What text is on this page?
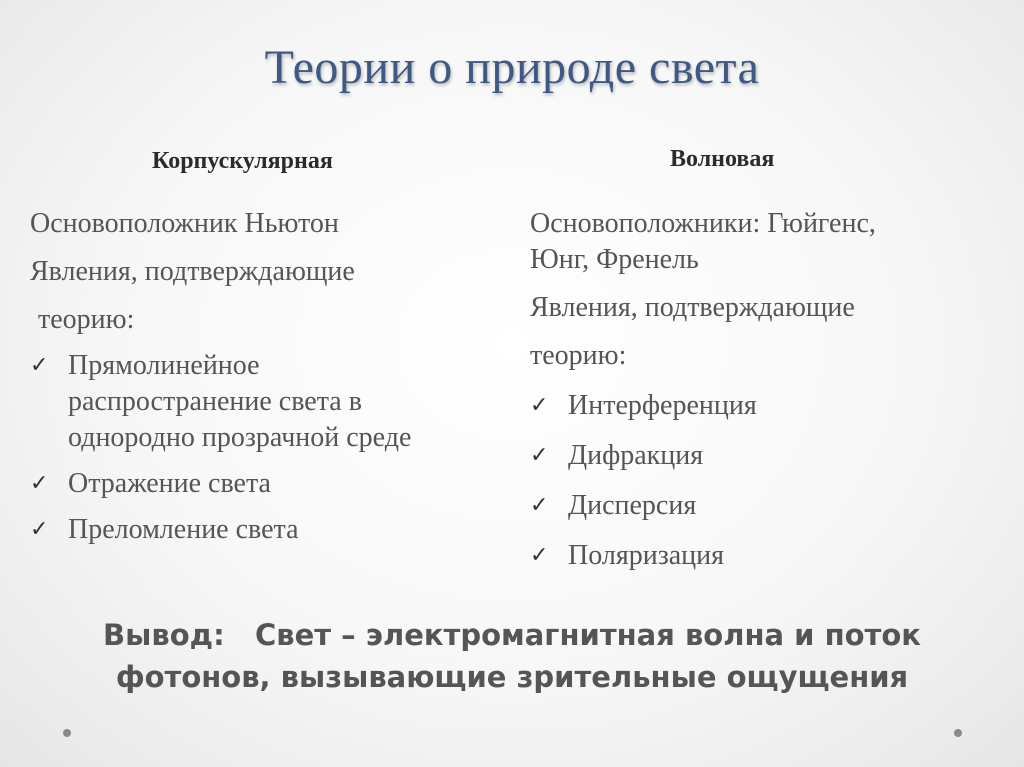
Теории о природе света
Корпускулярная	Волновая

Основоположник Ньютон

Явления, подтверждающие

теорию:

✓ Прямолинейное
распространение света в
однородно прозрачной среде
✓ Отражение света
✓ Преломление света

Основоположники: Гюйгенс,

Юнг, Френель

Явления, подтверждающие

теорию:

✓ Интерференция
✓ Дифракция
✓ Дисперсия
✓ Поляризация
Вывод:   Свет – электромагнитная волна и поток
фотонов, вызывающие зрительные ощущения
